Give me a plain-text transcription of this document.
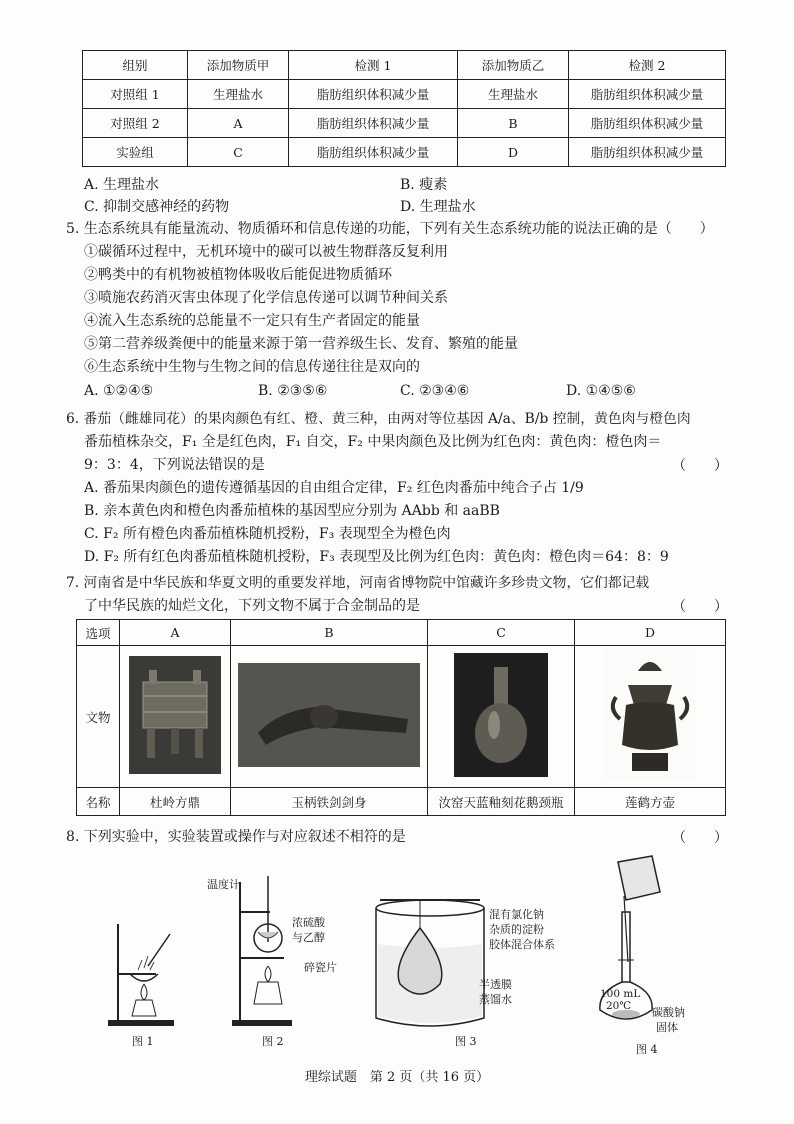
组别	添加物质甲	检测 1	添加物质乙	检测 2
对照组 1	生理盐水	脂肪组织体积减少量	生理盐水	脂肪组织体积减少量
对照组 2	A	脂肪组织体积减少量	B	脂肪组织体积减少量
实验组	C	脂肪组织体积减少量	D	脂肪组织体积减少量
A. 生理盐水	B. 瘦素
C. 抑制交感神经的药物	D. 生理盐水
5. 生态系统具有能量流动、物质循环和信息传递的功能，下列有关生态系统功能的说法正确的是（　　）
①碳循环过程中，无机环境中的碳可以被生物群落反复利用
②鸭类中的有机物被植物体吸收后能促进物质循环
③喷施农药消灭害虫体现了化学信息传递可以调节种间关系
④流入生态系统的总能量不一定只有生产者固定的能量
⑤第二营养级粪便中的能量来源于第一营养级生长、发育、繁殖的能量
⑥生态系统中生物与生物之间的信息传递往往是双向的
A. ①②④⑤	B. ②③⑤⑥	C. ②③④⑥	D. ①④⑤⑥
6. 番茄（雌雄同花）的果肉颜色有红、橙、黄三种，由两对等位基因 A/a、B/b 控制，黄色肉与橙色肉
番茄植株杂交，F₁ 全是红色肉，F₁ 自交，F₂ 中果肉颜色及比例为红色肉：黄色肉：橙色肉＝
9：3：4，下列说法错误的是	（　　）
A. 番茄果肉颜色的遗传遵循基因的自由组合定律，F₂ 红色肉番茄中纯合子占 1/9
B. 亲本黄色肉和橙色肉番茄植株的基因型应分别为 AAbb 和 aaBB
C. F₂ 所有橙色肉番茄植株随机授粉，F₃ 表现型全为橙色肉
D. F₂ 所有红色肉番茄植株随机授粉，F₃ 表现型及比例为红色肉：黄色肉：橙色肉＝64：8：9
7. 河南省是中华民族和华夏文明的重要发祥地，河南省博物院中馆藏许多珍贵文物，它们都记载
了中华民族的灿烂文化，下列文物不属于合金制品的是	（　　）
选项	A	B	C	D
文物				
名称	杜岭方鼎	玉柄铁剑剑身	汝窑天蓝釉刻花鹅颈瓶	莲鹤方壶
8. 下列实验中，实验装置或操作与对应叙述不相符的是	（　　）
图 1
温度计
浓硫酸
与乙醇
碎瓷片
图 2
混有氯化钠
杂质的淀粉
胶体混合体系
半透膜
蒸馏水
图 3
100 mL
20℃ 碳酸钠
固体
图 4
理综试题　第 2 页（共 16 页）
